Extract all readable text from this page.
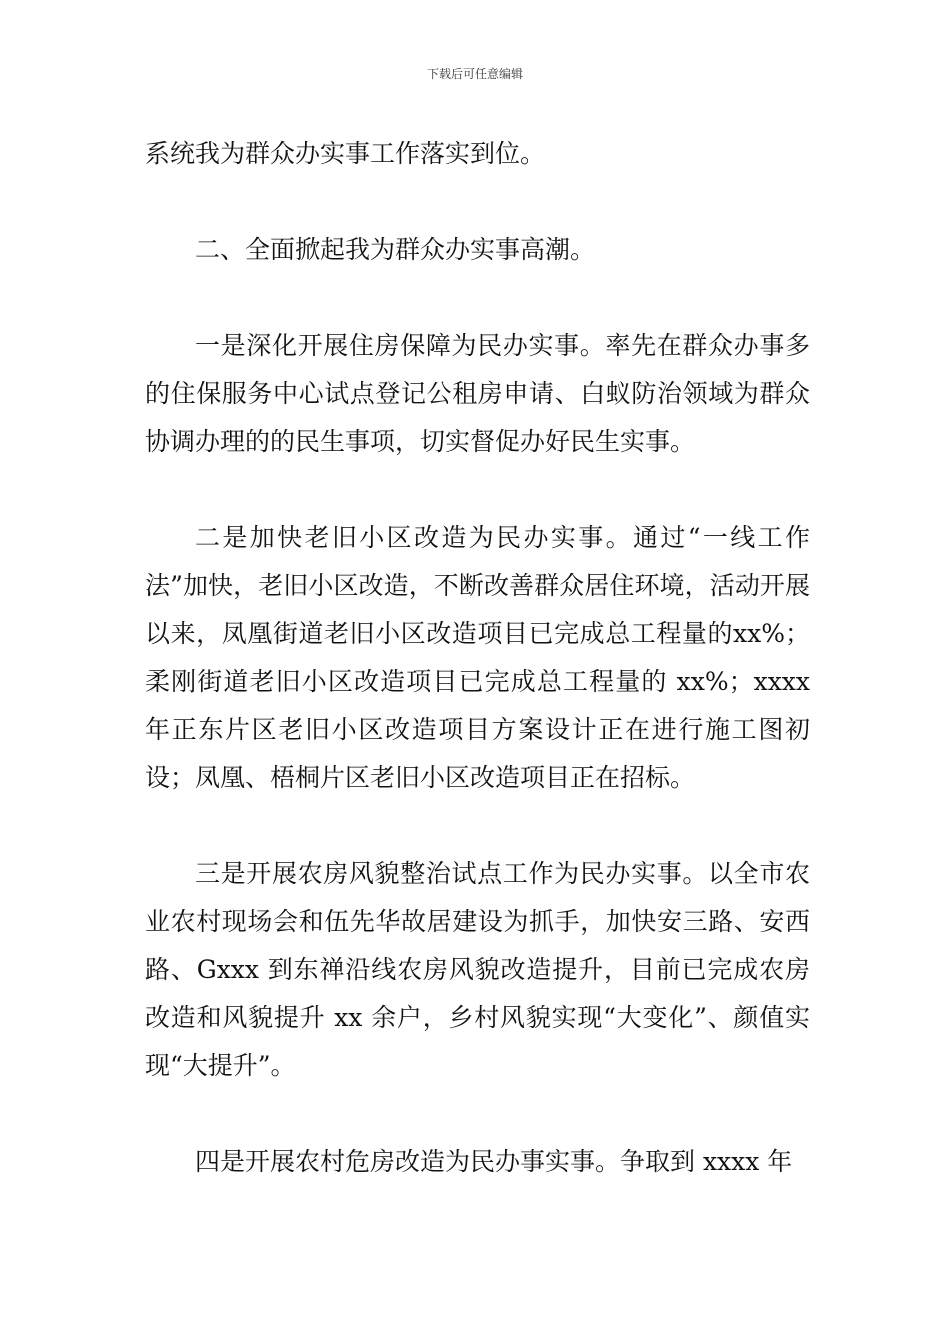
下载后可任意编辑

系统我为群众办实事工作落实到位。

二、全面掀起我为群众办实事高潮。

一是深化开展住房保障为民办实事。率先在群众办事多的住保服务中心试点登记公租房申请、白蚁防治领域为群众协调办理的的民生事项，切实督促办好民生实事。

二是加快老旧小区改造为民办实事。通过“一线工作法”加快，老旧小区改造，不断改善群众居住环境，活动开展以来，凤凰街道老旧小区改造项目已完成总工程量的xx%；柔刚街道老旧小区改造项目已完成总工程量的 xx%；xxxx 年正东片区老旧小区改造项目方案设计正在进行施工图初设；凤凰、梧桐片区老旧小区改造项目正在招标。

三是开展农房风貌整治试点工作为民办实事。以全市农业农村现场会和伍先华故居建设为抓手，加快安三路、安西路、Gxxx 到东禅沿线农房风貌改造提升，目前已完成农房改造和风貌提升 xx 余户，乡村风貌实现“大变化”、颜值实现“大提升”。

四是开展农村危房改造为民办事实事。争取到 xxxx 年
